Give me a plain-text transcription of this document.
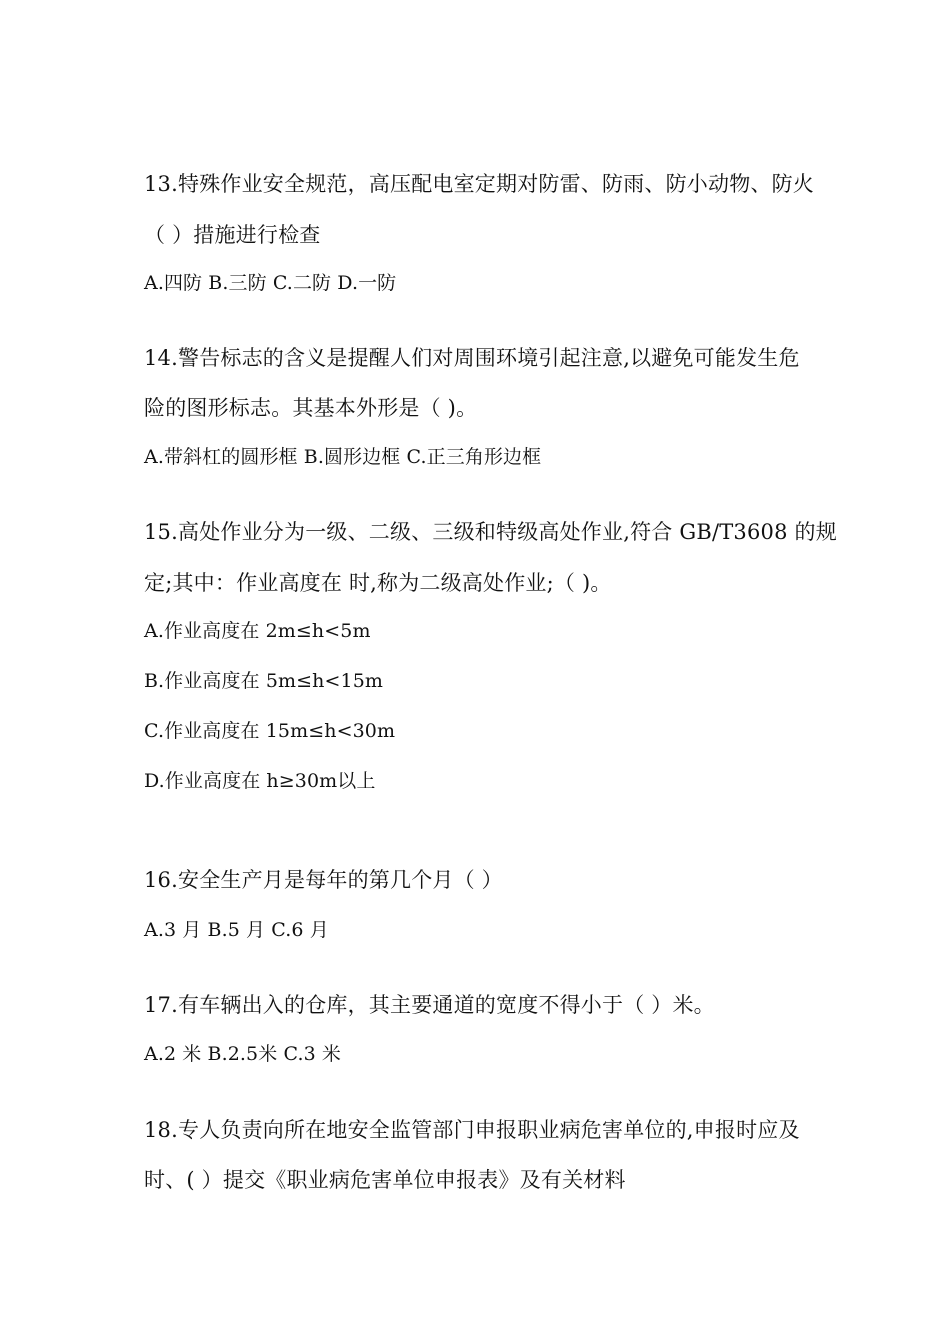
13.特殊作业安全规范，高压配电室定期对防雷、防雨、防小动物、防火
（ ）措施进行检查
A.四防 B.三防 C.二防 D.一防
14.警告标志的含义是提醒人们对周围环境引起注意,以避免可能发生危
险的图形标志。其基本外形是（ )。
A.带斜杠的圆形框 B.圆形边框 C.正三角形边框
15.高处作业分为一级、二级、三级和特级高处作业,符合 GB/T3608 的规
定;其中：作业高度在 时,称为二级高处作业;（ )。
A.作业高度在 2m≤h<5m
B.作业高度在 5m≤h<15m
C.作业高度在 15m≤h<30m
D.作业高度在 h≥30m以上
16.安全生产月是每年的第几个月（ ）
A.3 月 B.5 月 C.6 月
17.有车辆出入的仓库，其主要通道的宽度不得小于（ ）米。
A.2 米 B.2.5米 C.3 米
18.专人负责向所在地安全监管部门申报职业病危害单位的,申报时应及
时、( ）提交《职业病危害单位申报表》及有关材料
